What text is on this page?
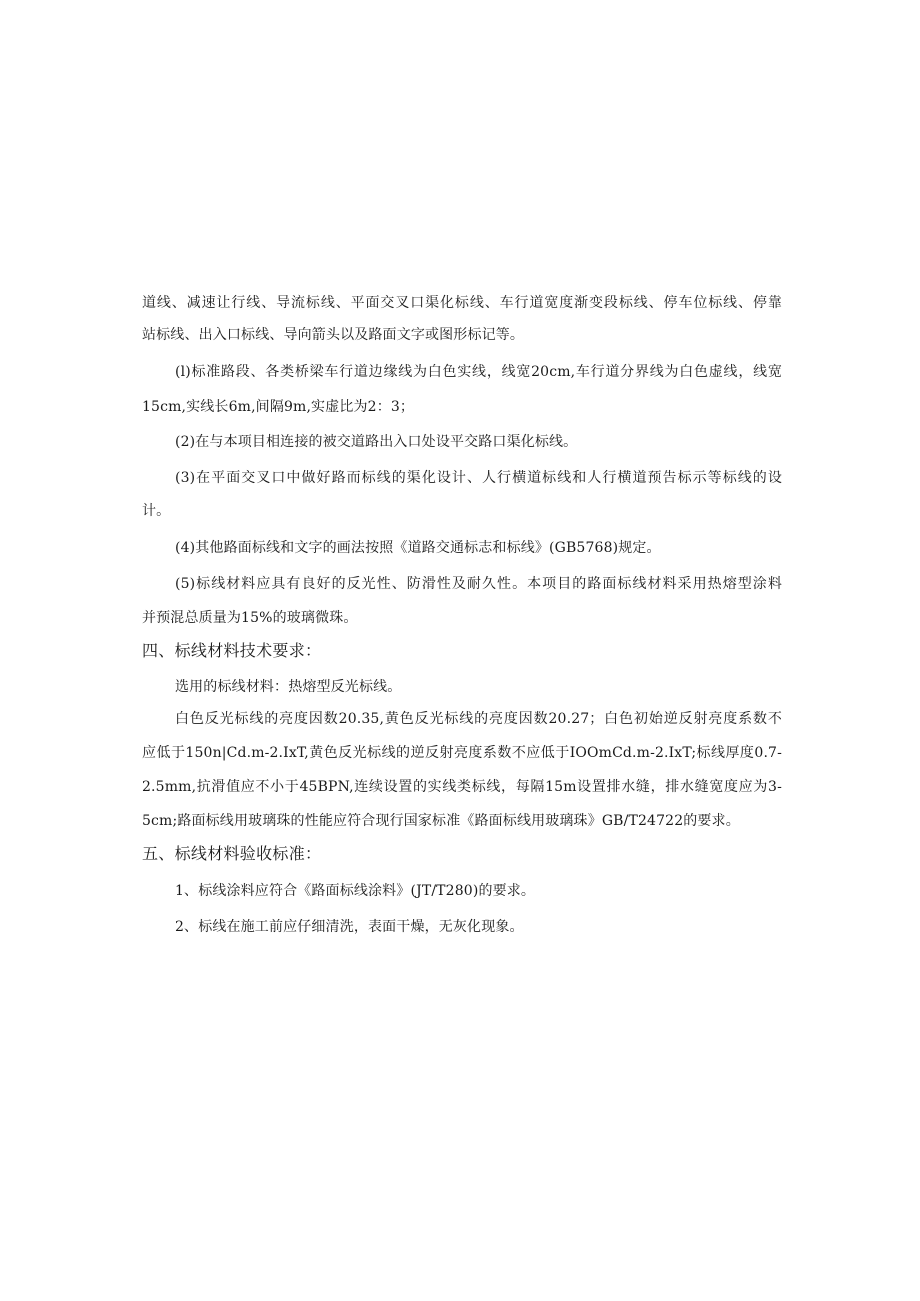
道线、减速让行线、导流标线、平面交叉口渠化标线、车行道宽度渐变段标线、停车位标线、停靠
站标线、出入口标线、导向箭头以及路面文字或图形标记等。
(l)标准路段、各类桥梁车行道边缘线为白色实线，线宽20cm,车行道分界线为白色虚线，线宽
15cm,实线长6m,间隔9m,实虚比为2：3；
(2)在与本项目相连接的被交道路出入口处设平交路口渠化标线。
(3)在平面交叉口中做好路而标线的渠化设计、人行横道标线和人行横道预告标示等标线的设
计。
(4)其他路面标线和文字的画法按照《道路交通标志和标线》(GB5768)规定。
(5)标线材料应具有良好的反光性、防滑性及耐久性。本项目的路面标线材料采用热熔型涂料
并预混总质量为15%的玻璃微珠。
四、标线材料技术要求：
选用的标线材料：热熔型反光标线。
白色反光标线的亮度因数20.35,黄色反光标线的亮度因数20.27；白色初始逆反射亮度系数不
应低于150n|Cd.m-2.IxT,黄色反光标线的逆反射亮度系数不应低于IOOmCd.m-2.IxT;标线厚度0.7-
2.5mm,抗滑值应不小于45BPN,连续设置的实线类标线，每隔15m设置排水缝，排水缝宽度应为3-
5cm;路面标线用玻璃珠的性能应符合现行国家标准《路面标线用玻璃珠》GB/T24722的要求。
五、标线材料验收标准：
1、标线涂料应符合《路面标线涂料》(JT/T280)的要求。
2、标线在施工前应仔细清洗，表面干燥，无灰化现象。
